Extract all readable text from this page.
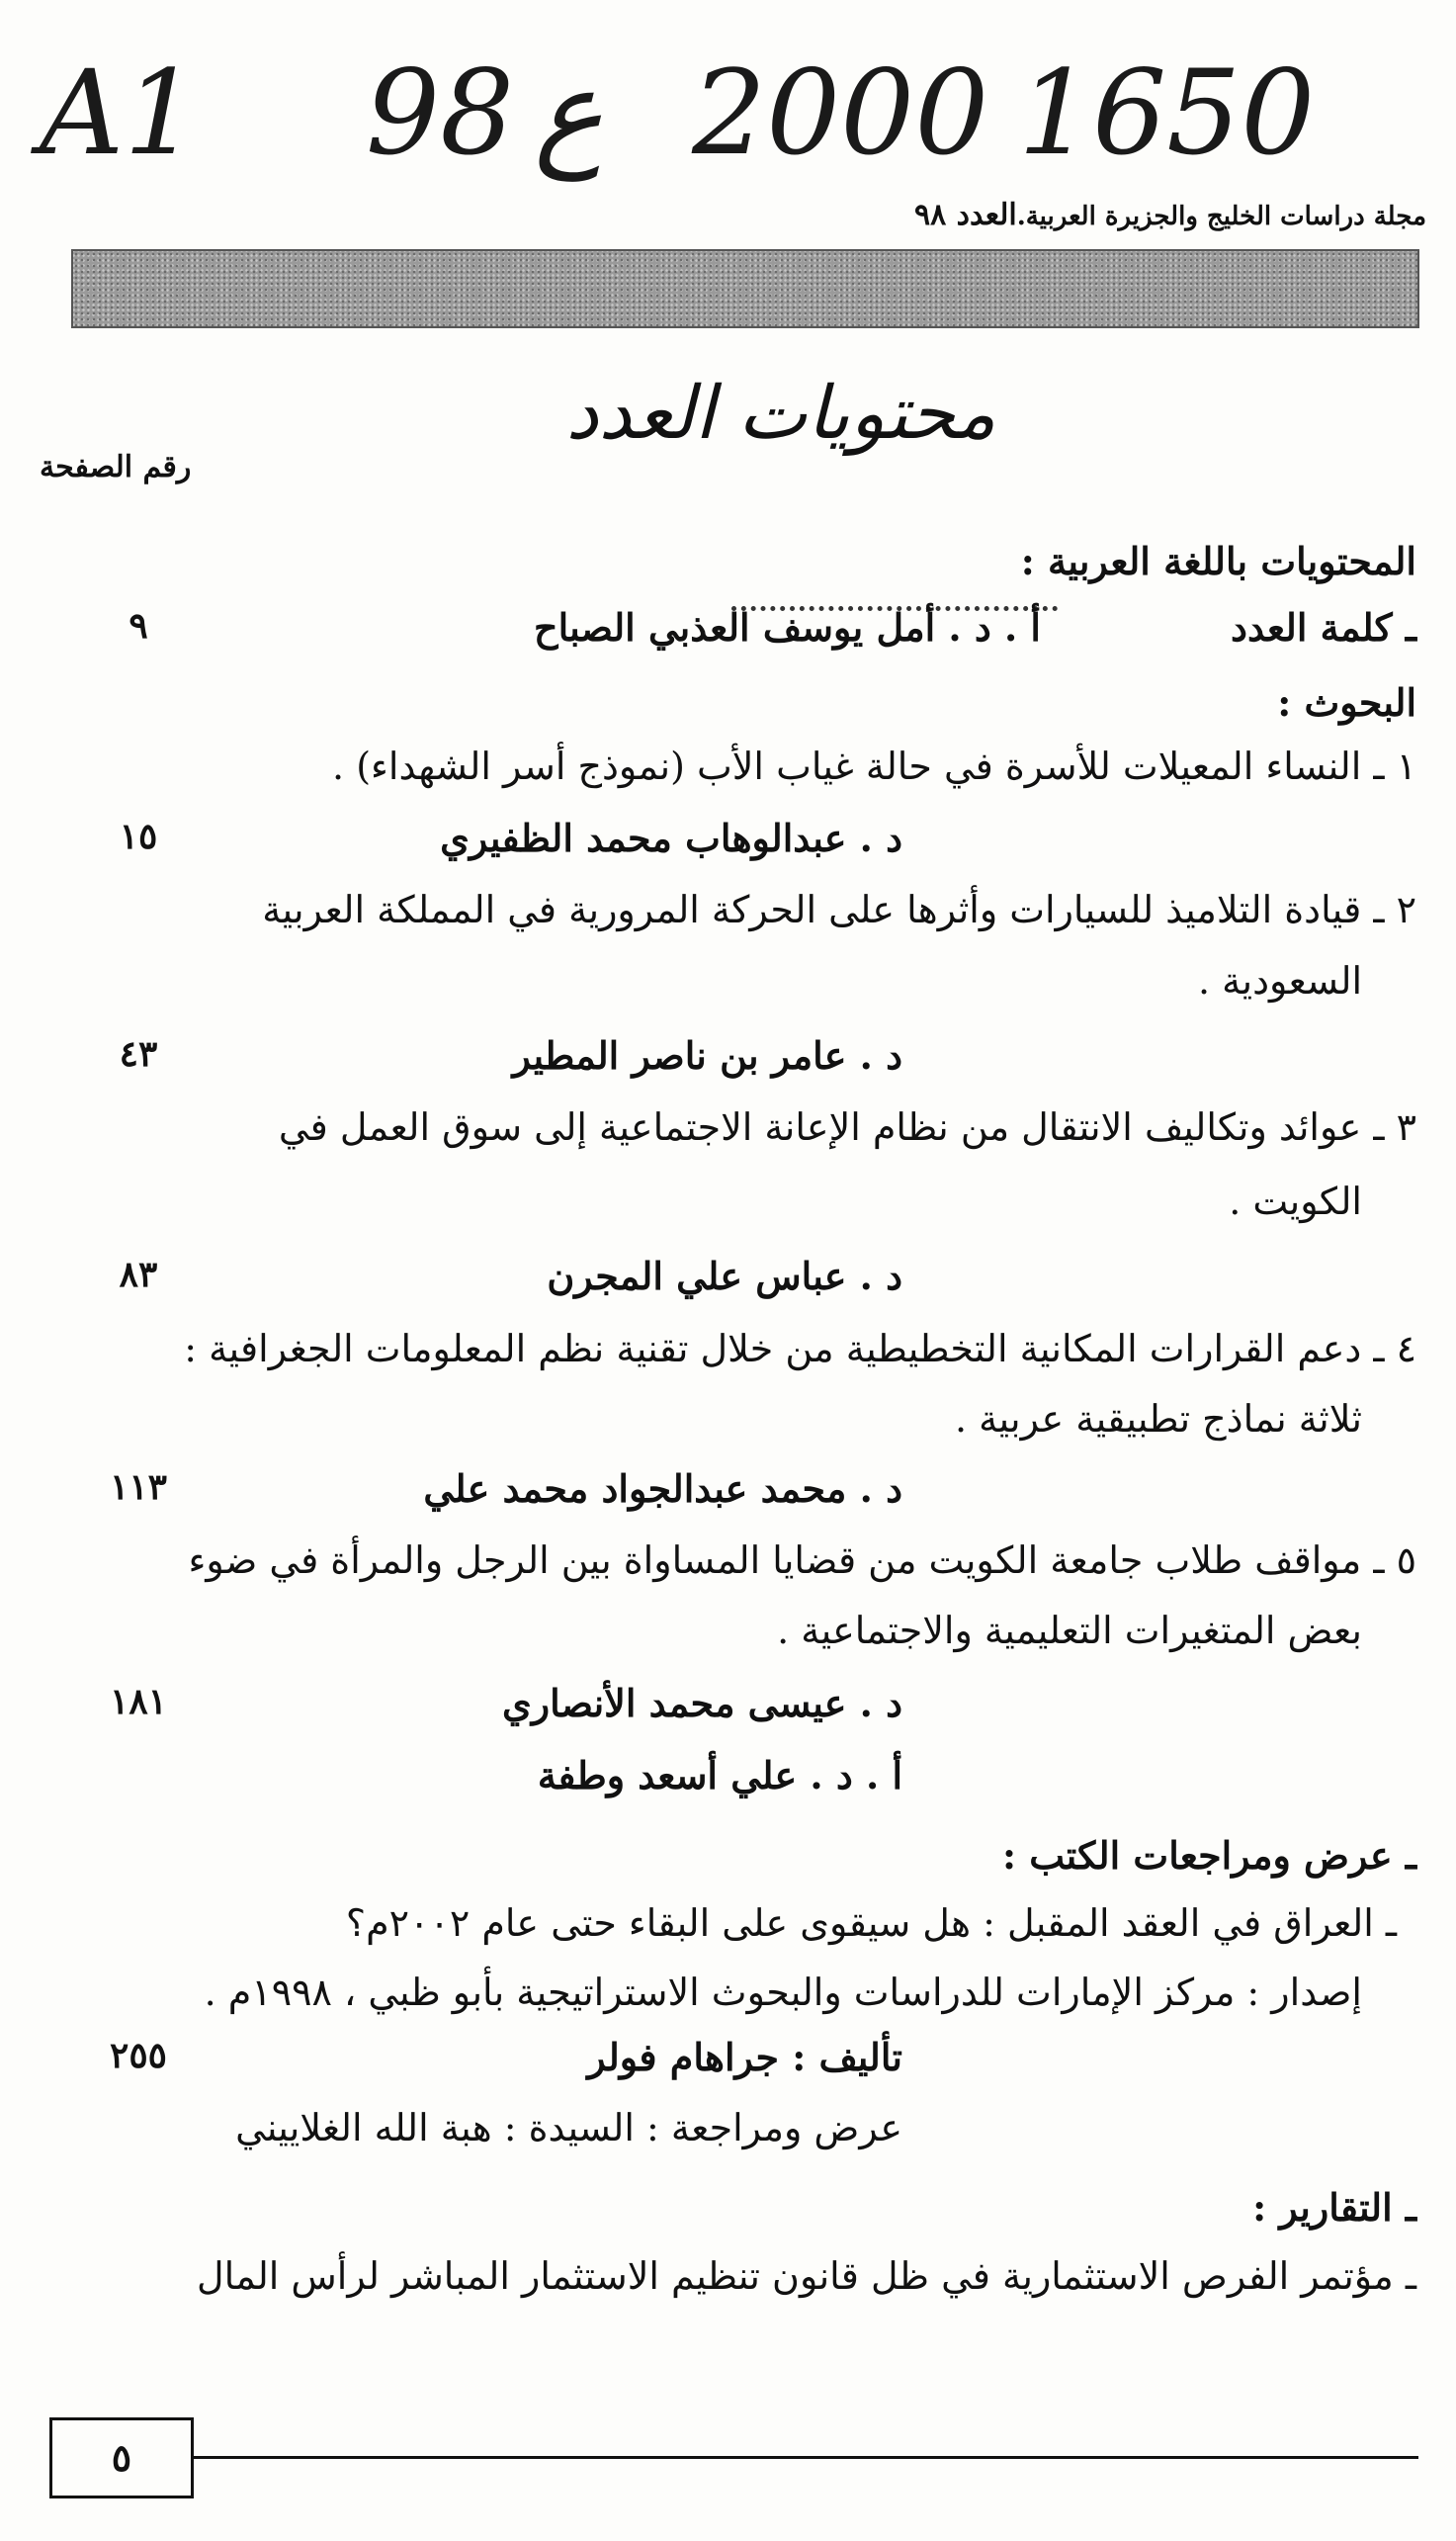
A1 98 ع 2000 1650
مجلة دراسات الخليج والجزيرة العربية.العدد ٩٨
محتويات العدد
رقم الصفحة
المحتويات باللغة العربية :
ـ كلمة العدد
أ . د . أمل يوسف العذبي الصباح
٩
البحوث :
١ ـ النساء المعيلات للأسرة في حالة غياب الأب (نموذج أسر الشهداء) .
د . عبدالوهاب محمد الظفيري
١٥
٢ ـ قيادة التلاميذ للسيارات وأثرها على الحركة المرورية في المملكة العربية
السعودية .
د . عامر بن ناصر المطير
٤٣
٣ ـ عوائد وتكاليف الانتقال من نظام الإعانة الاجتماعية إلى سوق العمل في
الكويت .
د . عباس علي المجرن
٨٣
٤ ـ دعم القرارات المكانية التخطيطية من خلال تقنية نظم المعلومات الجغرافية :
ثلاثة نماذج تطبيقية عربية .
د . محمد عبدالجواد محمد علي
١١٣
٥ ـ مواقف طلاب جامعة الكويت من قضايا المساواة بين الرجل والمرأة في ضوء
بعض المتغيرات التعليمية والاجتماعية .
د . عيسى محمد الأنصاري
١٨١
أ . د . علي أسعد وطفة
ـ عرض ومراجعات الكتب :
ـ العراق في العقد المقبل : هل سيقوى على البقاء حتى عام ٢٠٠٢م؟
إصدار : مركز الإمارات للدراسات والبحوث الاستراتيجية بأبو ظبي ، ١٩٩٨م .
تأليف : جراهام فولر
٢٥٥
عرض ومراجعة : السيدة : هبة الله الغلاييني
ـ التقارير :
ـ مؤتمر الفرص الاستثمارية في ظل قانون تنظيم الاستثمار المباشر لرأس المال
٥
